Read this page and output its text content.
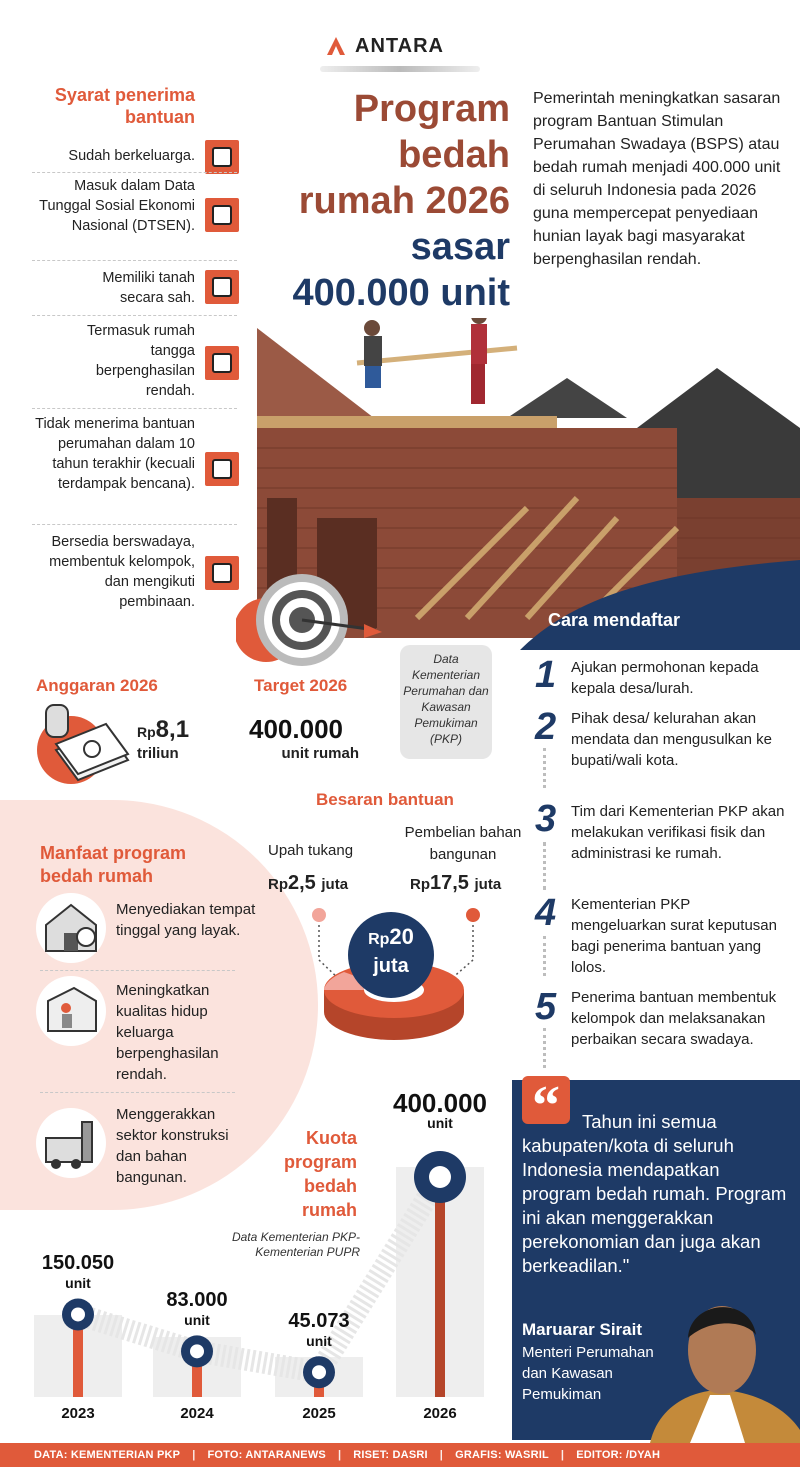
ANTARA
Syarat penerima
bantuan
Sudah berkeluarga.
Masuk dalam Data Tunggal Sosial Ekonomi Nasional (DTSEN).
Memiliki tanah secara sah.
Termasuk rumah tangga berpenghasilan rendah.
Tidak menerima bantuan perumahan dalam 10 tahun terakhir (kecuali terdampak bencana).
Bersedia berswadaya, membentuk kelompok, dan mengikuti pembinaan.
Program
bedah
rumah 2026
sasar
400.000 unit
Pemerintah meningkatkan sasaran program Bantuan Stimulan Perumahan Swadaya (BSPS) atau bedah rumah menjadi 400.000 unit di seluruh Indonesia pada 2026 guna mempercepat penyediaan hunian layak bagi masyarakat berpenghasilan rendah.
Cara mendaftar
1 Ajukan permohonan kepada kepala desa/lurah.
2 Pihak desa/ kelurahan akan mendata dan mengusulkan ke bupati/wali kota.
3 Tim dari Kementerian PKP akan melakukan verifikasi fisik dan administrasi ke rumah.
4 Kementerian PKP mengeluarkan surat keputusan bagi penerima bantuan yang lolos.
5 Penerima bantuan membentuk kelompok dan melaksanakan perbaikan secara swadaya.
Anggaran 2026
Rp8,1
triliun
Target 2026
400.000
unit rumah
Data Kementerian Perumahan dan Kawasan Pemukiman (PKP)
Besaran bantuan
Upah tukang
Rp2,5 juta
Pembelian bahan bangunan
Rp17,5 juta
Rp20
juta
Manfaat program
bedah rumah
Menyediakan tempat tinggal yang layak.
Meningkatkan kualitas hidup keluarga berpenghasilan rendah.
Menggerakkan sektor konstruksi dan bahan bangunan.
Kuota
program
bedah
rumah
Data Kementerian PKP-Kementerian PUPR
150.050
unit
2023
83.000
unit
2024
45.073
unit
2025
400.000
unit
2026
“	Tahun ini semua kabupaten/kota di seluruh Indonesia mendapatkan program bedah rumah. Program ini akan menggerakkan perekonomian dan juga akan berkeadilan."
Maruarar Sirait
Menteri Perumahan dan Kawasan Pemukiman
DATA: KEMENTERIAN PKP | FOTO: ANTARANEWS | RISET: DASRI | GRAFIS: WASRIL | EDITOR: /DYAH
